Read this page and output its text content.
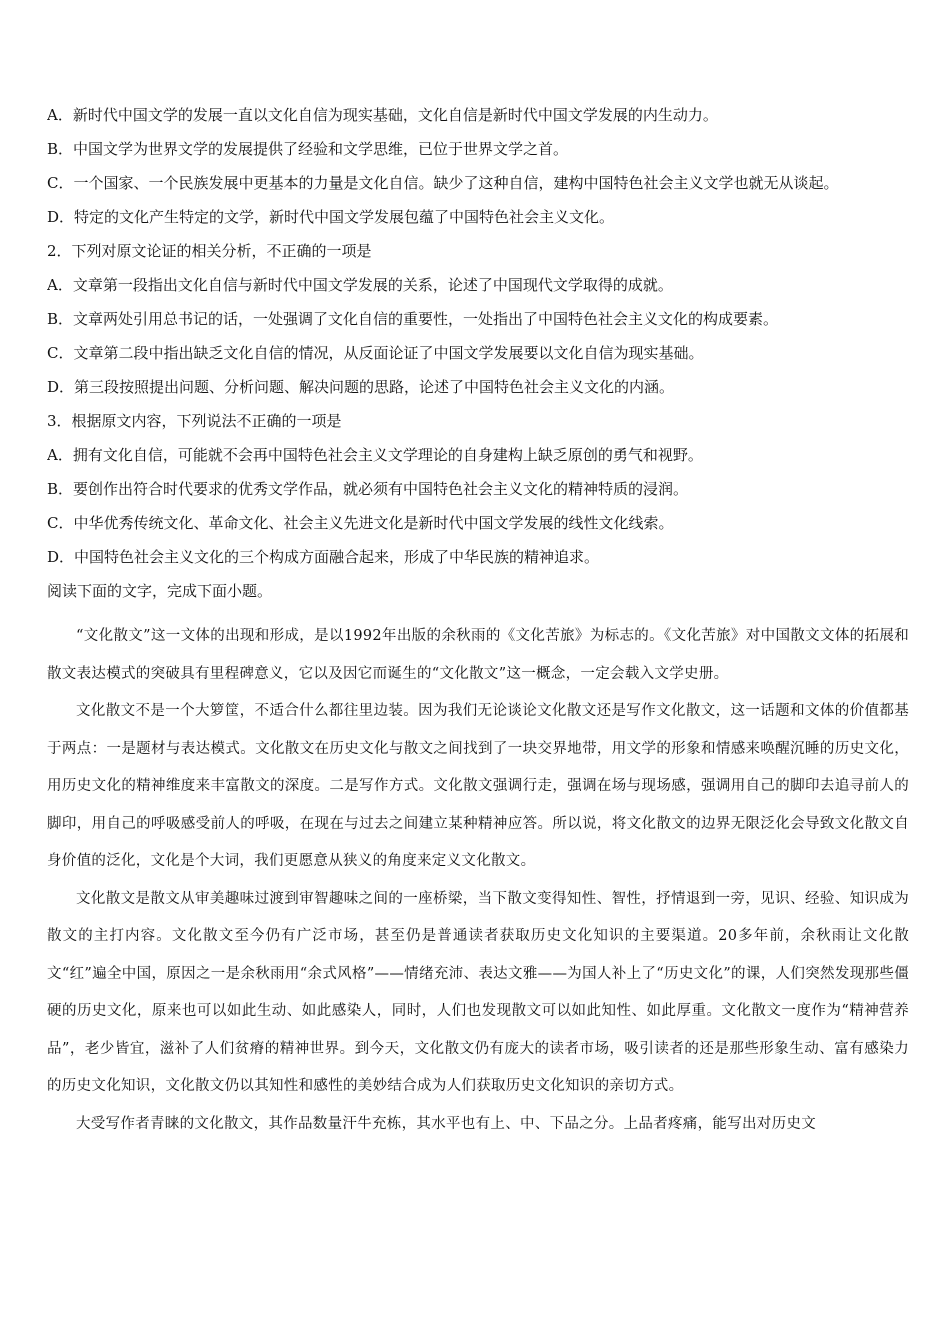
A．新时代中国文学的发展一直以文化自信为现实基础，文化自信是新时代中国文学发展的内生动力。
B．中国文学为世界文学的发展提供了经验和文学思维，已位于世界文学之首。
C．一个国家、一个民族发展中更基本的力量是文化自信。缺少了这种自信，建构中国特色社会主义文学也就无从谈起。
D．特定的文化产生特定的文学，新时代中国文学发展包蕴了中国特色社会主义文化。
2．下列对原文论证的相关分析，不正确的一项是
A．文章第一段指出文化自信与新时代中国文学发展的关系，论述了中国现代文学取得的成就。
B．文章两处引用总书记的话，一处强调了文化自信的重要性，一处指出了中国特色社会主义文化的构成要素。
C．文章第二段中指出缺乏文化自信的情况，从反面论证了中国文学发展要以文化自信为现实基础。
D．第三段按照提出问题、分析问题、解决问题的思路，论述了中国特色社会主义文化的内涵。
3．根据原文内容，下列说法不正确的一项是
A．拥有文化自信，可能就不会再中国特色社会主义文学理论的自身建构上缺乏原创的勇气和视野。
B．要创作出符合时代要求的优秀文学作品，就必须有中国特色社会主义文化的精神特质的浸润。
C．中华优秀传统文化、革命文化、社会主义先进文化是新时代中国文学发展的线性文化线索。
D．中国特色社会主义文化的三个构成方面融合起来，形成了中华民族的精神追求。
阅读下面的文字，完成下面小题。

“文化散文”这一文体的出现和形成，是以1992年出版的余秋雨的《文化苦旅》为标志的。《文化苦旅》对中国散文文体的拓展和散文表达模式的突破具有里程碑意义，它以及因它而诞生的“文化散文”这一概念，一定会载入文学史册。

文化散文不是一个大箩筐，不适合什么都往里边装。因为我们无论谈论文化散文还是写作文化散文，这一话题和文体的价值都基于两点：一是题材与表达模式。文化散文在历史文化与散文之间找到了一块交界地带，用文学的形象和情感来唤醒沉睡的历史文化，用历史文化的精神维度来丰富散文的深度。二是写作方式。文化散文强调行走，强调在场与现场感，强调用自己的脚印去追寻前人的脚印，用自己的呼吸感受前人的呼吸，在现在与过去之间建立某种精神应答。所以说，将文化散文的边界无限泛化会导致文化散文自身价值的泛化，文化是个大词，我们更愿意从狭义的角度来定义文化散文。

文化散文是散文从审美趣味过渡到审智趣味之间的一座桥梁，当下散文变得知性、智性，抒情退到一旁，见识、经验、知识成为散文的主打内容。文化散文至今仍有广泛市场，甚至仍是普通读者获取历史文化知识的主要渠道。20多年前，余秋雨让文化散文“红”遍全中国，原因之一是余秋雨用“余式风格”——情绪充沛、表达文雅——为国人补上了“历史文化”的课，人们突然发现那些僵硬的历史文化，原来也可以如此生动、如此感染人，同时，人们也发现散文可以如此知性、如此厚重。文化散文一度作为“精神营养品”，老少皆宜，滋补了人们贫瘠的精神世界。到今天，文化散文仍有庞大的读者市场，吸引读者的还是那些形象生动、富有感染力的历史文化知识，文化散文仍以其知性和感性的美妙结合成为人们获取历史文化知识的亲切方式。

大受写作者青睐的文化散文，其作品数量汗牛充栋，其水平也有上、中、下品之分。上品者疼痛，能写出对历史文
